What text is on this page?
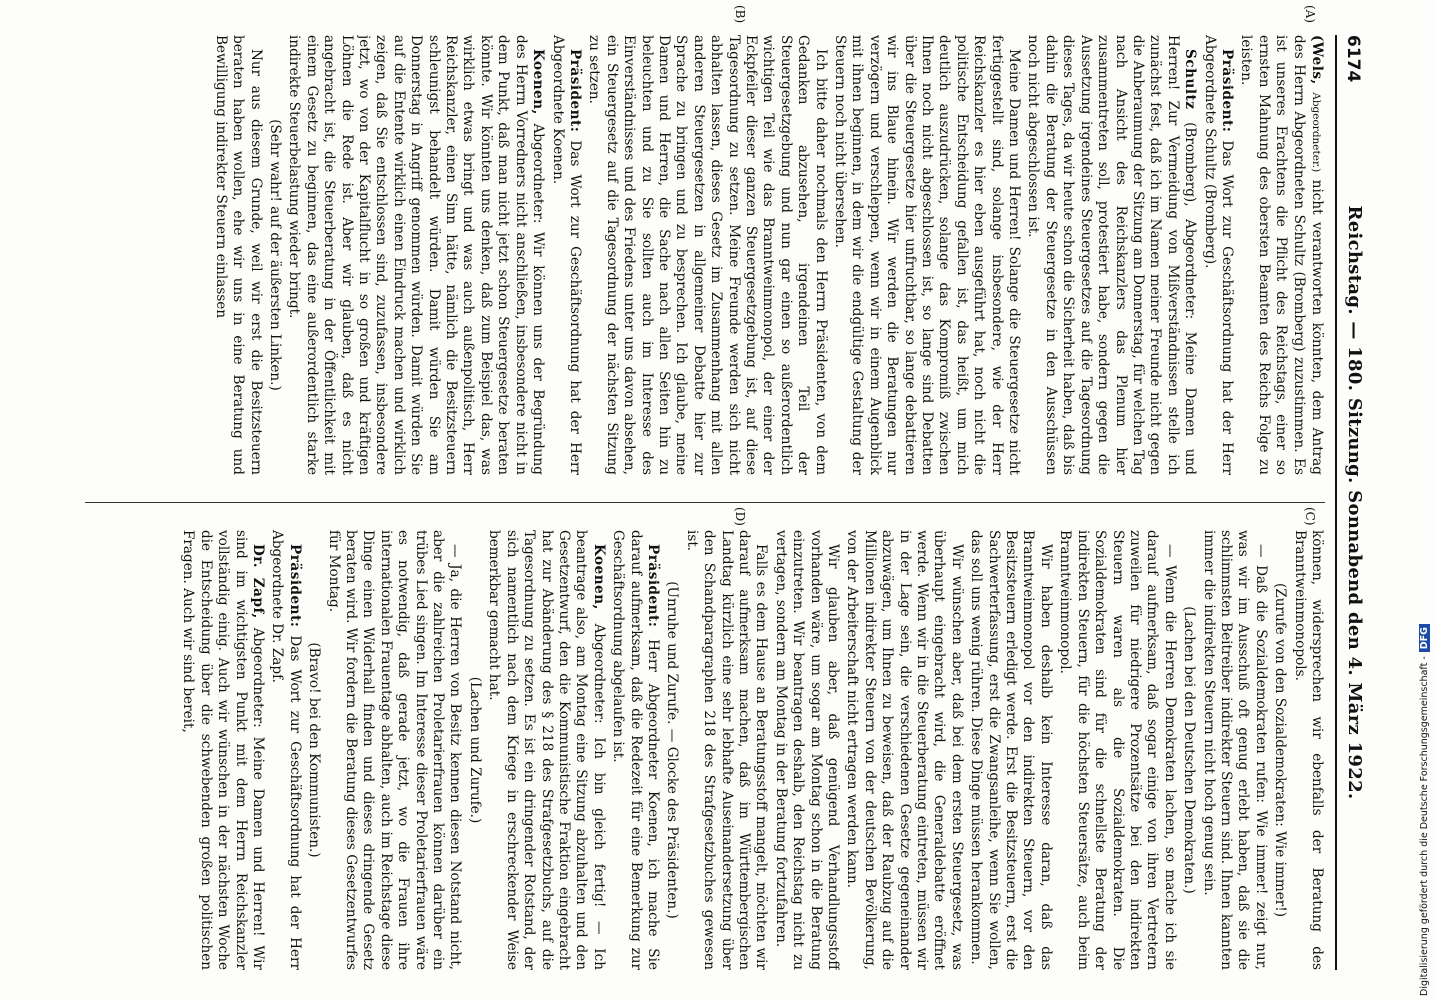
6174
Reichstag. — 180. Sitzung. Sonnabend den 4. März 1922.
(A)
(B)
(C)
(D)

(Wels, Abgeordneter.) nicht verantworten könnten, dem Antrag des Herrn Abgeordneten Schultz (Bromberg) zuzustimmen. Es ist unseres Erachtens die Pflicht des Reichstags, einer so ernsten Mahnung des obersten Beamten des Reichs Folge zu leisten.

Präsident: Das Wort zur Geschäftsordnung hat der Herr Abgeordnete Schultz (Bromberg).

Schultz (Bromberg), Abgeordneter: Meine Damen und Herren! Zur Vermeidung von Mißverständnissen stelle ich zunächst fest, daß ich im Namen meiner Freunde nicht gegen die Anberaumung der Sitzung am Donnerstag, für welchen Tag nach Ansicht des Reichskanzlers das Plenum hier zusammentreten soll, protestiert habe, sondern gegen die Aussetzung irgendeines Steuergesetzes auf die Tagesordnung dieses Tages, da wir heute schon die Sicherheit haben, daß bis dahin die Beratung der Steuergesetze in den Ausschüssen noch nicht abgeschlossen ist.

Meine Damen und Herren! Solange die Steuergesetze nicht fertiggestellt sind, solange insbesondere, wie der Herr Reichskanzler es hier eben ausgeführt hat, noch nicht die politische Entscheidung gefallen ist, das heißt, um mich deutlich auszudrücken, solange das Kompromiß zwischen Ihnen noch nicht abgeschlossen ist, so lange sind Debatten über die Steuergesetze hier unfruchtbar, so lange debattieren wir ins Blaue hinein. Wir werden die Beratungen nur verzögern und verschleppen, wenn wir in einem Augenblick mit ihnen beginnen, in dem wir die endgültige Gestaltung der Steuern noch nicht übersehen.

Ich bitte daher nochmals den Herrn Präsidenten, von dem Gedanken abzusehen, irgendeinen Teil der Steuergesetzgebung und nun gar einen so außerordentlich wichtigen Teil wie das Branntweinmonopol, der einer der Eckpfeiler dieser ganzen Steuergesetzgebung ist, auf diese Tagesordnung zu setzen. Meine Freunde werden sich nicht abhalten lassen, dieses Gesetz im Zusammenhang mit allen anderen Steuergesetzen in allgemeiner Debatte hier zur Sprache zu bringen und zu besprechen. Ich glaube, meine Damen und Herren, die Sache nach allen Seiten hin zu beleuchten und zu Sie sollten auch im Interesse des Einverständnisses und des Friedens unter uns davon absehen, ein Steuergesetz auf die Tagesordnung der nächsten Sitzung zu setzen.

Präsident: Das Wort zur Geschäftsordnung hat der Herr Abgeordnete Koenen.

Koenen, Abgeordneter: Wir können uns der Begründung des Herrn Vorredners nicht anschließen, insbesondere nicht in dem Punkt, daß man nicht jetzt schon Steuergesetze beraten könnte. Wir könnten uns denken, daß zum Beispiel das, was wirklich etwas bringt und was auch außenpolitisch, Herr Reichskanzler, einen Sinn hätte, nämlich die Besitzsteuern schleunigst behandelt würden. Damit würden Sie am Donnerstag in Angriff genommen würden. Damit würden Sie auf die Entente wirklich einen Eindruck machen und wirklich zeigen, daß Sie entschlossen sind, zuzufassen, insbesondere jetzt, wo von der Kapitalflucht in so großen und kräftigen Löhnen die Rede ist. Aber wir glauben, daß es nicht angebracht ist, die Steuerberatung in der Öffentlichkeit mit einem Gesetz zu beginnen, das eine außerordentlich starke indirekte Steuerbelastung wieder bringt.

(Sehr wahr! auf der äußersten Linken.)

Nur aus diesem Grunde, weil wir erst die Besitzsteuern beraten haben wollen, ehe wir uns in eine Beratung und Bewilligung indirekter Steuern einlassen

können, widersprechen wir ebenfalls der Beratung des Branntweinmonopols.

(Zurufe von den Sozialdemokraten: Wie immer!)

— Daß die Sozialdemokraten rufen: Wie immer! zeigt nur, was wir im Ausschuß oft genug erlebt haben, daß sie die schlimmsten Beitreiber indirekter Steuern sind. Ihnen kannten immer die indirekten Steuern nicht hoch genug sein.

(Lachen bei den Deutschen Demokraten.)

— Wenn die Herren Demokraten lachen, so mache ich sie darauf aufmerksam, daß sogar einige von ihren Vertretern zuweilen für niedrigere Prozentsätze bei den indirekten Steuern waren als die Sozialdemokraten. Die Sozialdemokraten sind für die schnellste Beratung der indirekten Steuern, für die höchsten Steuersätze, auch beim Branntweinmonopol.

Wir haben deshalb kein Interesse daran, daß das Branntweinmonopol vor den indirekten Steuern, vor den Besitzsteuern erledigt werde. Erst die Besitzsteuern, erst die Sachwerterfassung, erst die Zwangsanleihe, wenn Sie wollen, das soll uns wenig rühren. Diese Dinge müssen herankommen.

Wir wünschen aber, daß bei dem ersten Steuergesetz, was überhaupt eingebracht wird, die Generaldebatte eröffnet werde. Wenn wir in die Steuerberatung eintreten, müssen wir in der Lage sein, die verschiedenen Gesetze gegeneinander abzuwägen, um Ihnen zu beweisen, daß der Raubzug auf die Millionen indirekter Steuern von der deutschen Bevölkerung, von der Arbeiterschaft nicht ertragen werden kann.

Wir glauben aber, daß genügend Verhandlungsstoff vorhanden wäre, um sogar am Montag schon in die Beratung einzutreten. Wir beantragen deshalb, den Reichstag nicht zu vertagen, sondern am Montag in der Beratung fortzufahren.

Falls es dem Hause an Beratungsstoff mangelt, möchten wir darauf aufmerksam machen, daß im Württembergischen Landtag kürzlich eine sehr lebhafte Auseinandersetzung über den Schandparagraphen 218 des Strafgesetzbuches gewesen ist.

(Unruhe und Zurufe. — Glocke des Präsidenten.)

Präsident: Herr Abgeordneter Koenen, ich mache Sie darauf aufmerksam, daß die Redezeit für eine Bemerkung zur Geschäftsordnung abgelaufen ist.

Koenen, Abgeordneter: Ich bin gleich fertig! — Ich beantrage also, am Montag eine Sitzung abzuhalten und den Gesetzentwurf, den die Kommunistische Fraktion eingebracht hat zur Abänderung des § 218 des Strafgesetzbuchs, auf die Tagesordnung zu setzen. Es ist ein dringender Rotstand, der sich namentlich nach dem Kriege in erschreckender Weise bemerkbar gemacht hat.

(Lachen und Zurufe.)

— Ja, die Herren von Besitz kennen diesen Notstand nicht, aber die zahlreichen Proletarierfrauen können darüber ein trübes Lied singen. Im Interesse dieser Proletarierfrauen wäre es notwendig, daß gerade jetzt, wo die Frauen ihre internationalen Frauentage abhalten, auch im Reichstage diese Dinge einen Widerhall finden und dieses dringende Gesetz beraten wird. Wir fordern die Beratung dieses Gesetzentwurfes für Montag.

(Bravo! bei den Kommunisten.)

Präsident: Das Wort zur Geschäftsordnung hat der Herr Abgeordnete Dr. Zapf.

Dr. Zapf, Abgeordneter: Meine Damen und Herren! Wir sind im wichtigsten Punkt mit dem Herrn Reichskanzler vollständig einig. Auch wir wünschen in der nächsten Woche die Entscheidung über die schwebenden großen politischen Fragen. Auch wir sind bereit,

Digitalisierung gefördert durch die Deutsche Forschungsgemeinschaft -DFG
